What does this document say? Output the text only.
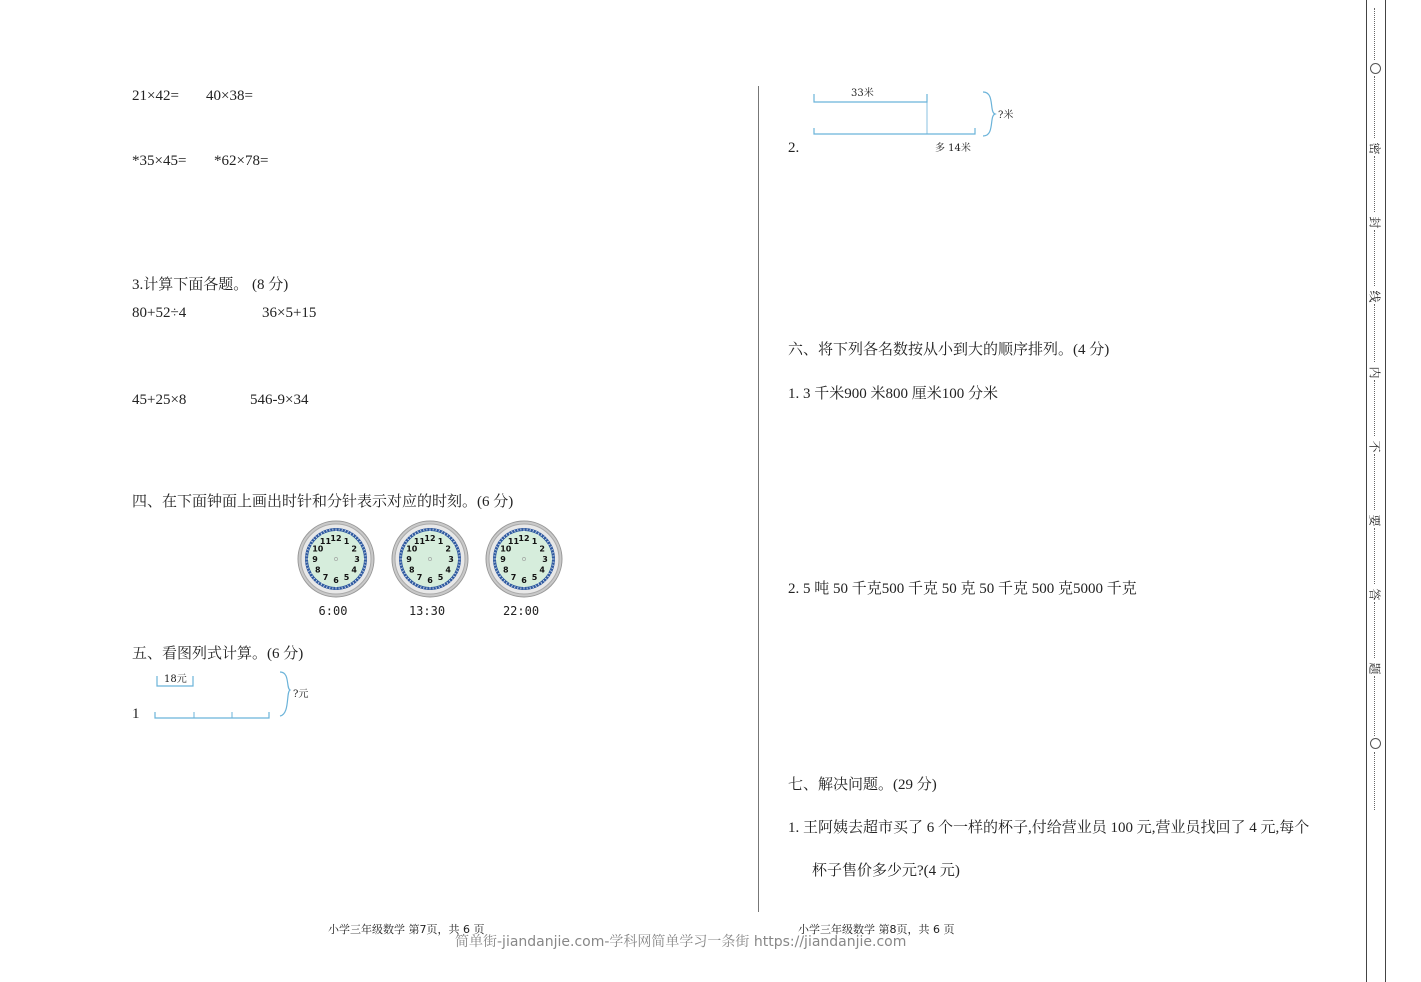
21×42= 40×38=
*35×45= *62×78=
3.计算下面各题。 (8 分)
80+52÷4	36×5+15
45+25×8	546-9×34
四、在下面钟面上画出时针和分针表示对应的时刻。(6 分)
12 1
2
3
4
5
6
7
8
9
10
11	12 1
2
3
4
5
6
7
8
9
10
11	12 1
2
3
4
5
6
7
8
9
10
11
6:00	13:30	22:00
五、看图列式计算。(6 分)
1
18元
?元
小学三年级数学 第7页，共 6 页
2.
33米
多 14米
?米
六、将下列各名数按从小到大的顺序排列。(4 分)
1. 3 千米900 米800 厘米100 分米
2. 5 吨 50 千克500 千克 50 克 50 千克 500 克5000 千克
七、解决问题。(29 分)
1. 王阿姨去超市买了 6 个一样的杯子,付给营业员 100 元,营业员找回了 4 元,每个
杯子售价多少元?(4 元)
小学三年级数学 第8页，共 6 页
简单街-jiandanjie.com-学科网简单学习一条街 https://jiandanjie.com
密
封
线
内
不
要
答
题
